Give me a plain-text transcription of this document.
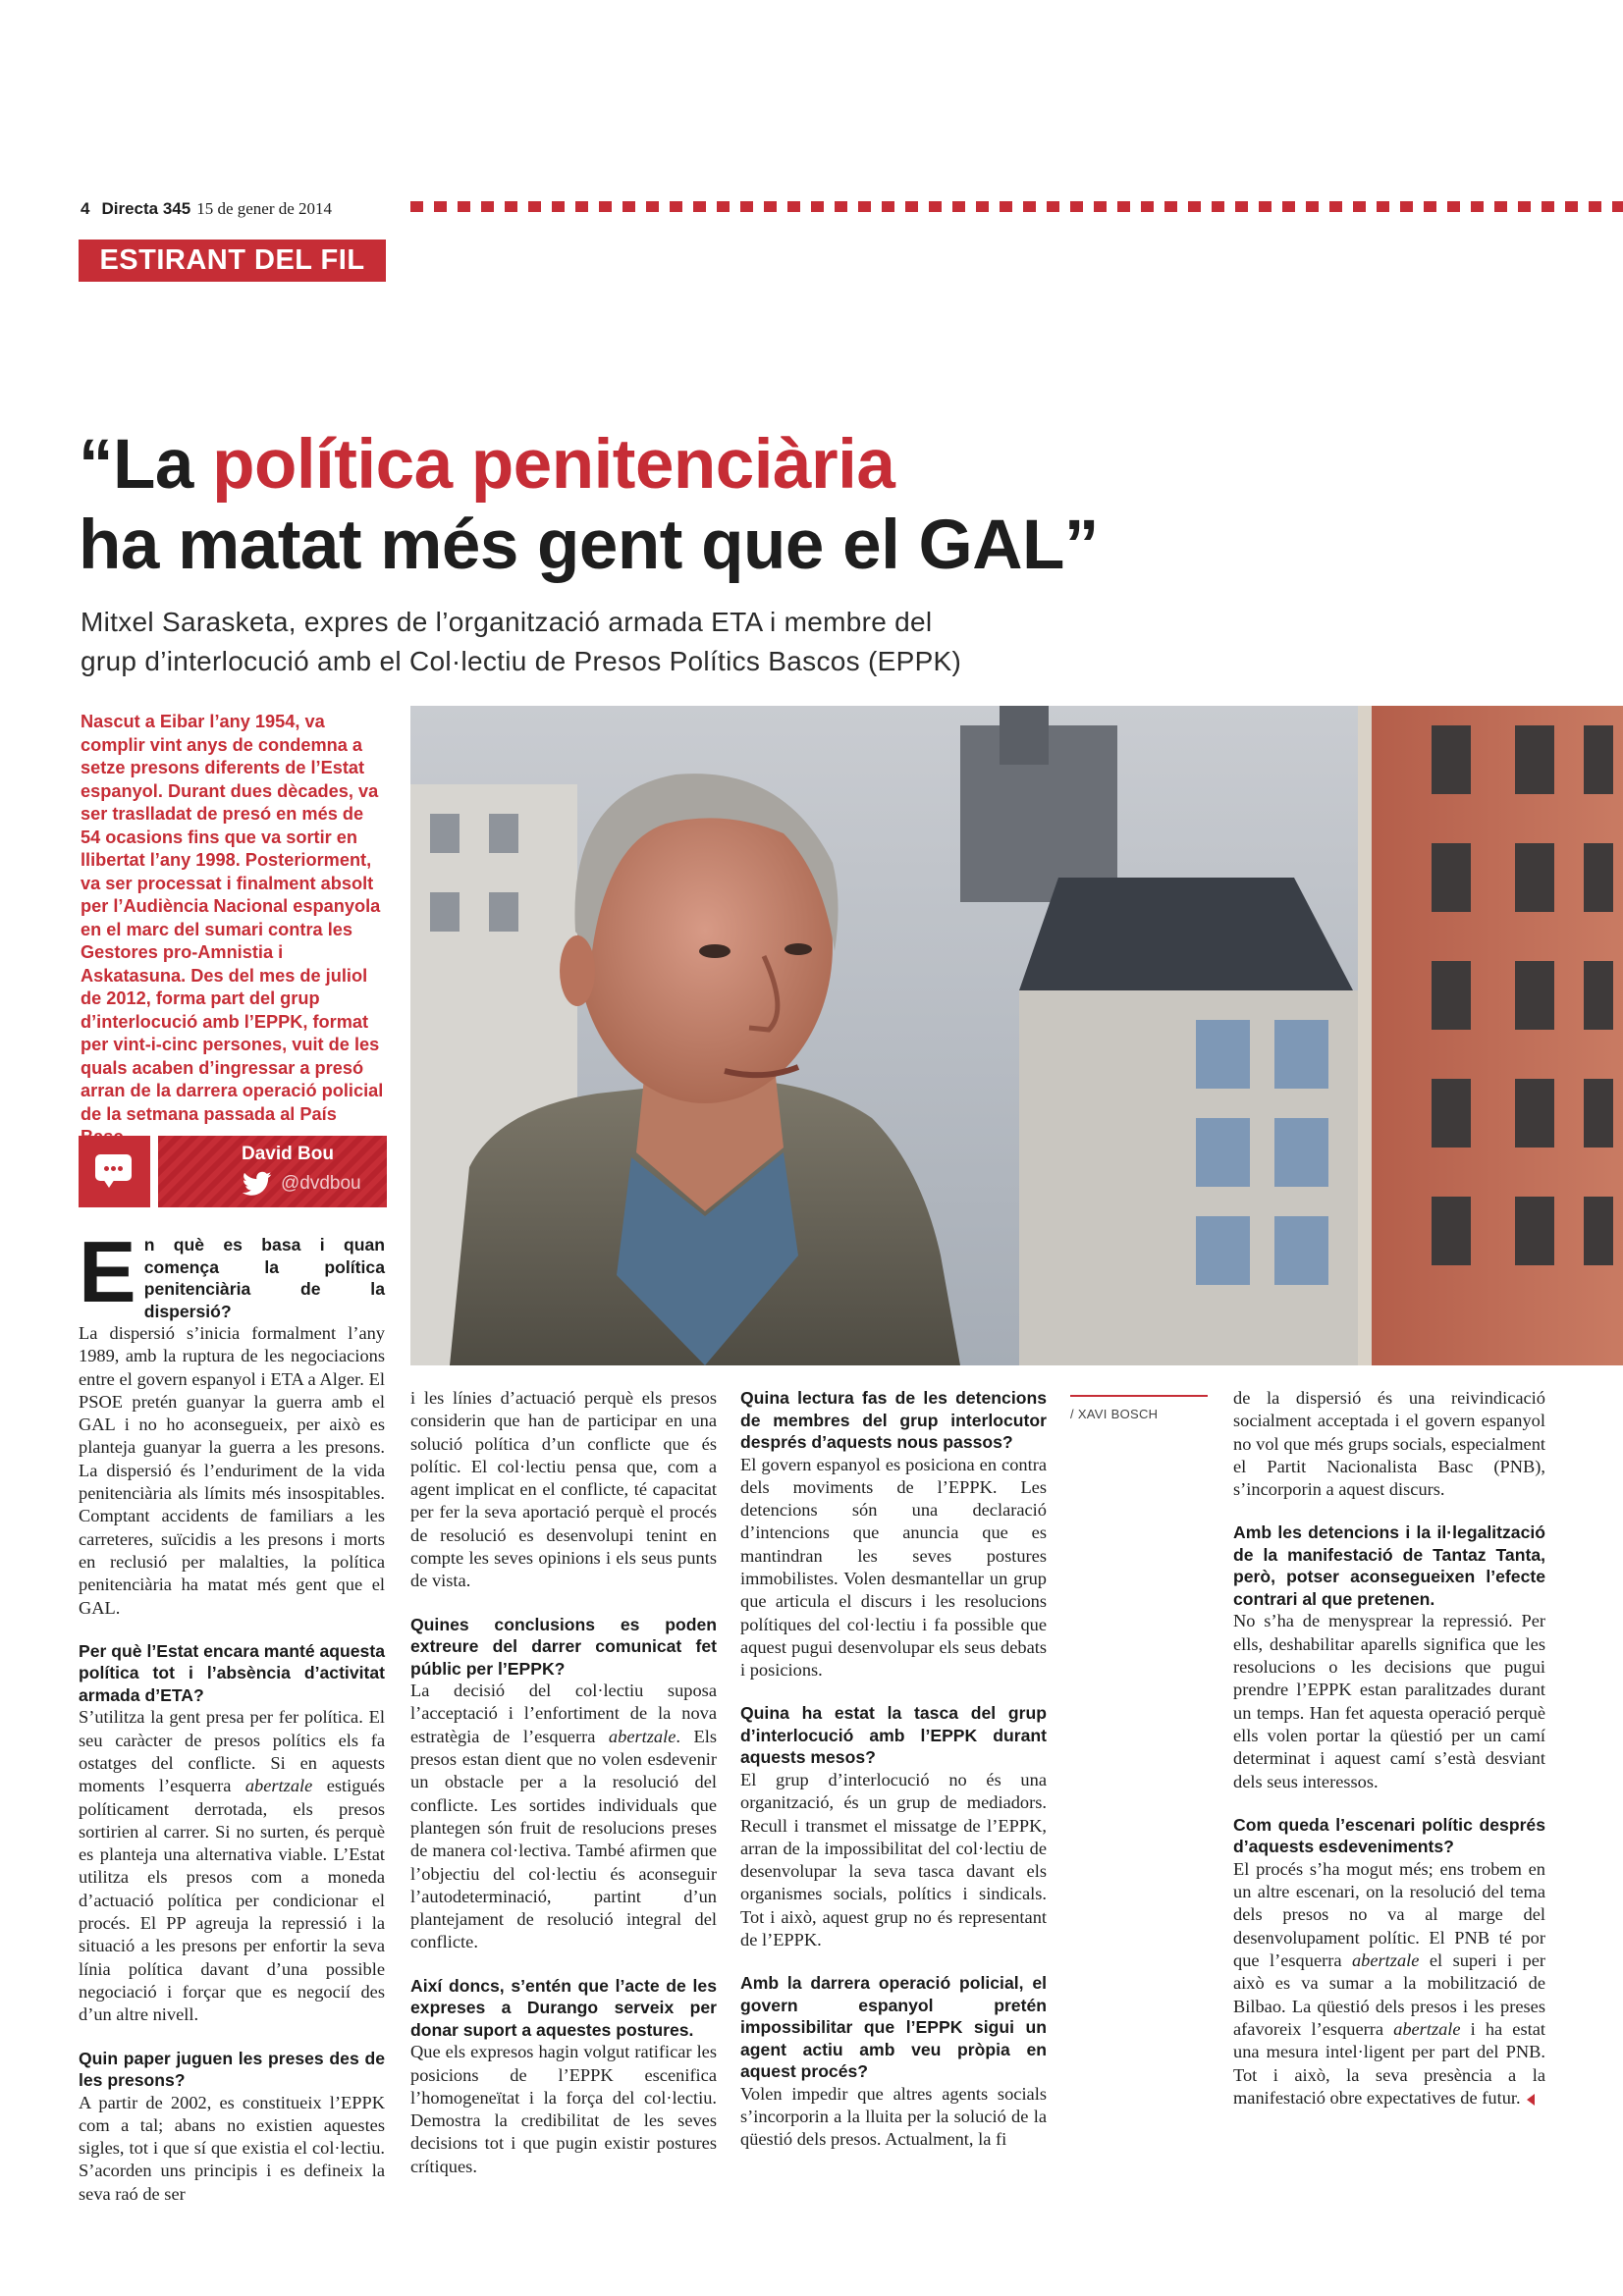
4 Directa 345 15 de gener de 2014
ESTIRANT DEL FIL
“La política penitenciària
ha matat més gent que el GAL”
Mitxel Sarasketa, expres de l’organització armada ETA i membre del grup d’interlocució amb el Col·lectiu de Presos Polítics Bascos (EPPK)
Nascut a Eibar l’any 1954, va complir vint anys de condemna a setze presons diferents de l’Estat espanyol. Durant dues dècades, va ser traslladat de presó en més de 54 ocasions fins que va sortir en llibertat l’any 1998. Posteriorment, va ser processat i finalment absolt per l’Audiència Nacional espanyola en el marc del sumari contra les Gestores pro-Amnistia i Askatasuna. Des del mes de juliol de 2012, forma part del grup d’interlocució amb l’EPPK, format per vint-i-cinc persones, vuit de les quals acaben d’ingressar a presó arran de la darrera operació policial de la setmana passada al País
David Bou
@dvdbou
/ XAVI BOSCH

En què es basa i quan comença la política penitenciària de la dispersió?

La dispersió s’inicia formalment l’any 1989, amb la ruptura de les negociacions entre el govern espanyol i ETA a Alger. El PSOE pretén guanyar la guerra amb el GAL i no ho aconsegueix, per això es planteja guanyar la guerra a les presons. La dispersió és l’enduriment de la vida penitenciària als límits més insospitables. Comptant accidents de familiars a les carreteres, suïcidis a les presons i morts en reclusió per malalties, la política penitenciària ha matat més gent que el GAL.

Per què l’Estat encara manté aquesta política tot i l’absència d’activitat armada d’ETA?

S’utilitza la gent presa per fer política. El seu caràcter de presos polítics els fa ostatges del conflicte. Si en aquests moments l’esquerra abertzale estigués políticament derrotada, els presos sortirien al carrer. Si no surten, és perquè es planteja una alternativa viable. L’Estat utilitza els presos com a moneda d’actuació política per condicionar el procés. El PP agreuja la repressió i la situació a les presons per enfortir la seva línia política davant d’una possible negociació i forçar que es negocií des d’un altre nivell.

Quin paper juguen les preses des de les presons?

A partir de 2002, es constitueix l’EPPK com a tal; abans no existien aquestes sigles, tot i que sí que existia el col·lectiu. S’acorden uns principis i es defineix la seva raó de ser

i les línies d’actuació perquè els presos considerin que han de participar en una solució política d’un conflicte que és polític. El col·lectiu pensa que, com a agent implicat en el conflicte, té capacitat per fer la seva aportació perquè el procés de resolució es desenvolupi tenint en compte les seves opinions i els seus punts de vista.

Quines conclusions es poden extreure del darrer comunicat fet públic per l’EPPK?

La decisió del col·lectiu suposa l’acceptació i l’enfortiment de la nova estratègia de l’esquerra abertzale. Els presos estan dient que no volen esdevenir un obstacle per a la resolució del conflicte. Les sortides individuals que plantegen són fruit de resolucions preses de manera col·lectiva. També afirmen que l’objectiu del col·lectiu és aconseguir l’autodeterminació, partint d’un plantejament de resolució integral del conflicte.

Així doncs, s’entén que l’acte de les expreses a Durango serveix per donar suport a aquestes postures.

Que els expresos hagin volgut ratificar les posicions de l’EPPK escenifica l’homogeneïtat i la força del col·lectiu. Demostra la credibilitat de les seves decisions tot i que pugin existir postures crítiques.

Quina lectura fas de les detencions de membres del grup interlocutor després d’aquests nous passos?

El govern espanyol es posiciona en contra dels moviments de l’EPPK. Les detencions són una declaració d’intencions que anuncia que es mantindran les seves postures immobilistes. Volen desmantellar un grup que articula el discurs i les resolucions polítiques del col·lectiu i fa possible que aquest pugui desenvolupar els seus debats i posicions.

Quina ha estat la tasca del grup d’interlocució amb l’EPPK durant aquests mesos?

El grup d’interlocució no és una organització, és un grup de mediadors. Recull i transmet el missatge de l’EPPK, arran de la impossibilitat del col·lectiu de desenvolupar la seva tasca davant els organismes socials, polítics i sindicals. Tot i això, aquest grup no és representant de l’EPPK.

Amb la darrera operació policial, el govern espanyol pretén impossibilitar que l’EPPK sigui un agent actiu amb veu pròpia en aquest procés?

Volen impedir que altres agents socials s’incorporin a la lluita per la solució de la qüestió dels presos. Actualment, la fi

de la dispersió és una reivindicació socialment acceptada i el govern espanyol no vol que més grups socials, especialment el Partit Nacionalista Basc (PNB), s’incorporin a aquest discurs.

Amb les detencions i la il·legalització de la manifestació de Tantaz Tanta, però, potser aconsegueixen l’efecte contrari al que pretenen.

No s’ha de menysprear la repressió. Per ells, deshabilitar aparells significa que les resolucions o les decisions que pugui prendre l’EPPK estan paralitzades durant un temps. Han fet aquesta operació perquè ells volen portar la qüestió per un camí determinat i aquest camí s’està desviant dels seus interessos.

Com queda l’escenari polític després d’aquests esdeveniments?

El procés s’ha mogut més; ens trobem en un altre escenari, on la resolució del tema dels presos no va al marge del desenvolupament polític. El PNB té por que l’esquerra abertzale el superi i per això es va sumar a la mobilització de Bilbao. La qüestió dels presos i les preses afavoreix l’esquerra abertzale i ha estat una mesura intel·ligent per part del PNB. Tot i això, la seva presència a la manifestació obre expectatives de futur.
